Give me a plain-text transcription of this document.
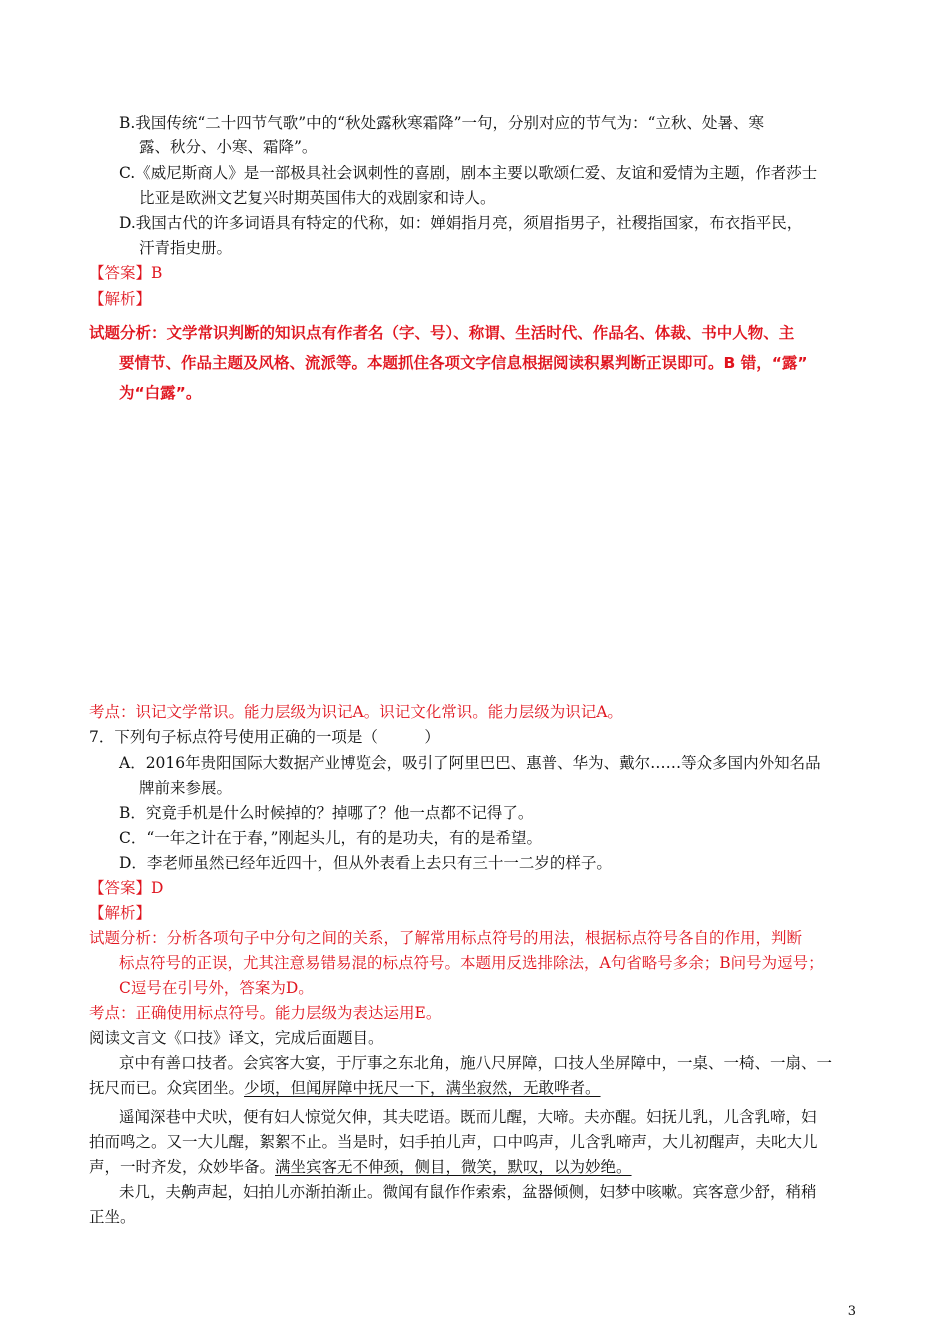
B.我国传统“二十四节气歌”中的“秋处露秋寒霜降”一句，分别对应的节气为：“立秋、处暑、寒
露、秋分、小寒、霜降”。
C.《威尼斯商人》是一部极具社会讽刺性的喜剧，剧本主要以歌颂仁爱、友谊和爱情为主题，作者莎士
比亚是欧洲文艺复兴时期英国伟大的戏剧家和诗人。
D.我国古代的许多词语具有特定的代称，如：婵娟指月亮，须眉指男子，社稷指国家，布衣指平民，
汗青指史册。
【答案】B
【解析】
试题分析：文学常识判断的知识点有作者名（字、号）、称谓、生活时代、作品名、体裁、书中人物、主
要情节、作品主题及风格、流派等。本题抓住各项文字信息根据阅读积累判断正误即可。B 错，“露”
为“白露”。
考点：识记文学常识。能力层级为识记A。识记文化常识。能力层级为识记A。
7．下列句子标点符号使用正确的一项是（　　　）
A．2016年贵阳国际大数据产业博览会，吸引了阿里巴巴、惠普、华为、戴尔……等众多国内外知名品
牌前来参展。
B．究竟手机是什么时候掉的？掉哪了？他一点都不记得了。
C．“一年之计在于春，”刚起头儿，有的是功夫，有的是希望。
D．李老师虽然已经年近四十，但从外表看上去只有三十一二岁的样子。
【答案】D
【解析】
试题分析：分析各项句子中分句之间的关系，了解常用标点符号的用法，根据标点符号各自的作用，判断
标点符号的正误，尤其注意易错易混的标点符号。本题用反选排除法，A句省略号多余；B问号为逗号；
C逗号在引号外，答案为D。
考点：正确使用标点符号。能力层级为表达运用E。
阅读文言文《口技》译文，完成后面题目。
京中有善口技者。会宾客大宴，于厅事之东北角，施八尺屏障，口技人坐屏障中，一桌、一椅、一扇、一
抚尺而已。众宾团坐。少顷，但闻屏障中抚尺一下，满坐寂然，无敢哗者。
遥闻深巷中犬吠，便有妇人惊觉欠伸，其夫呓语。既而儿醒，大啼。夫亦醒。妇抚儿乳，儿含乳啼，妇
拍而鸣之。又一大儿醒，絮絮不止。当是时，妇手拍儿声，口中呜声，儿含乳啼声，大儿初醒声，夫叱大儿
声，一时齐发，众妙毕备。满坐宾客无不伸颈，侧目，微笑，默叹，以为妙绝。
未几，夫齁声起，妇拍儿亦渐拍渐止。微闻有鼠作作索索，盆器倾侧，妇梦中咳嗽。宾客意少舒，稍稍
正坐。
3
